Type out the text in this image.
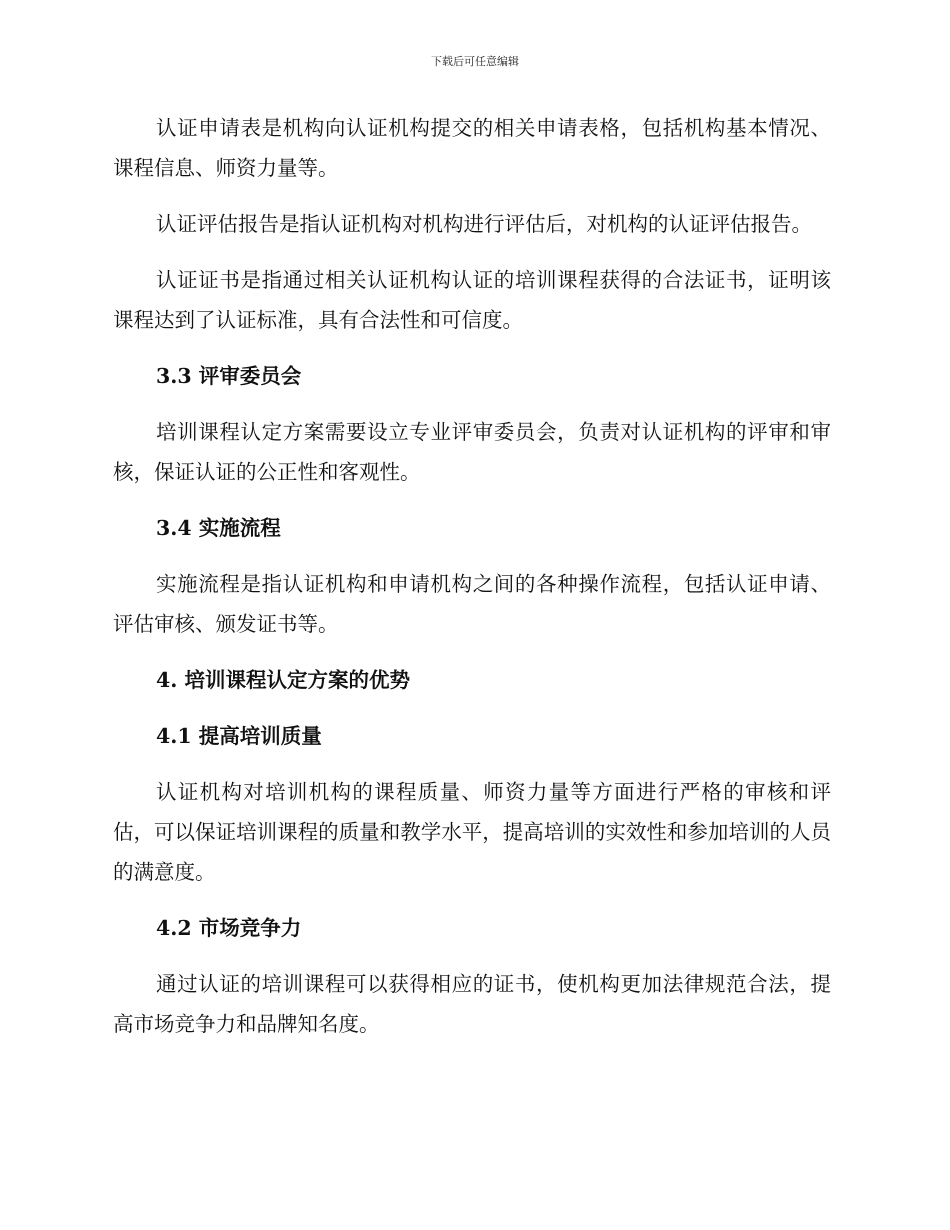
下载后可任意编辑

认证申请表是机构向认证机构提交的相关申请表格，包括机构基本情况、课程信息、师资力量等。

认证评估报告是指认证机构对机构进行评估后，对机构的认证评估报告。

认证证书是指通过相关认证机构认证的培训课程获得的合法证书，证明该课程达到了认证标准，具有合法性和可信度。

3.3 评审委员会

培训课程认定方案需要设立专业评审委员会，负责对认证机构的评审和审核，保证认证的公正性和客观性。

3.4 实施流程

实施流程是指认证机构和申请机构之间的各种操作流程，包括认证申请、评估审核、颁发证书等。

4. 培训课程认定方案的优势

4.1 提高培训质量

认证机构对培训机构的课程质量、师资力量等方面进行严格的审核和评估，可以保证培训课程的质量和教学水平，提高培训的实效性和参加培训的人员的满意度。

4.2 市场竞争力

通过认证的培训课程可以获得相应的证书，使机构更加法律规范合法，提高市场竞争力和品牌知名度。
